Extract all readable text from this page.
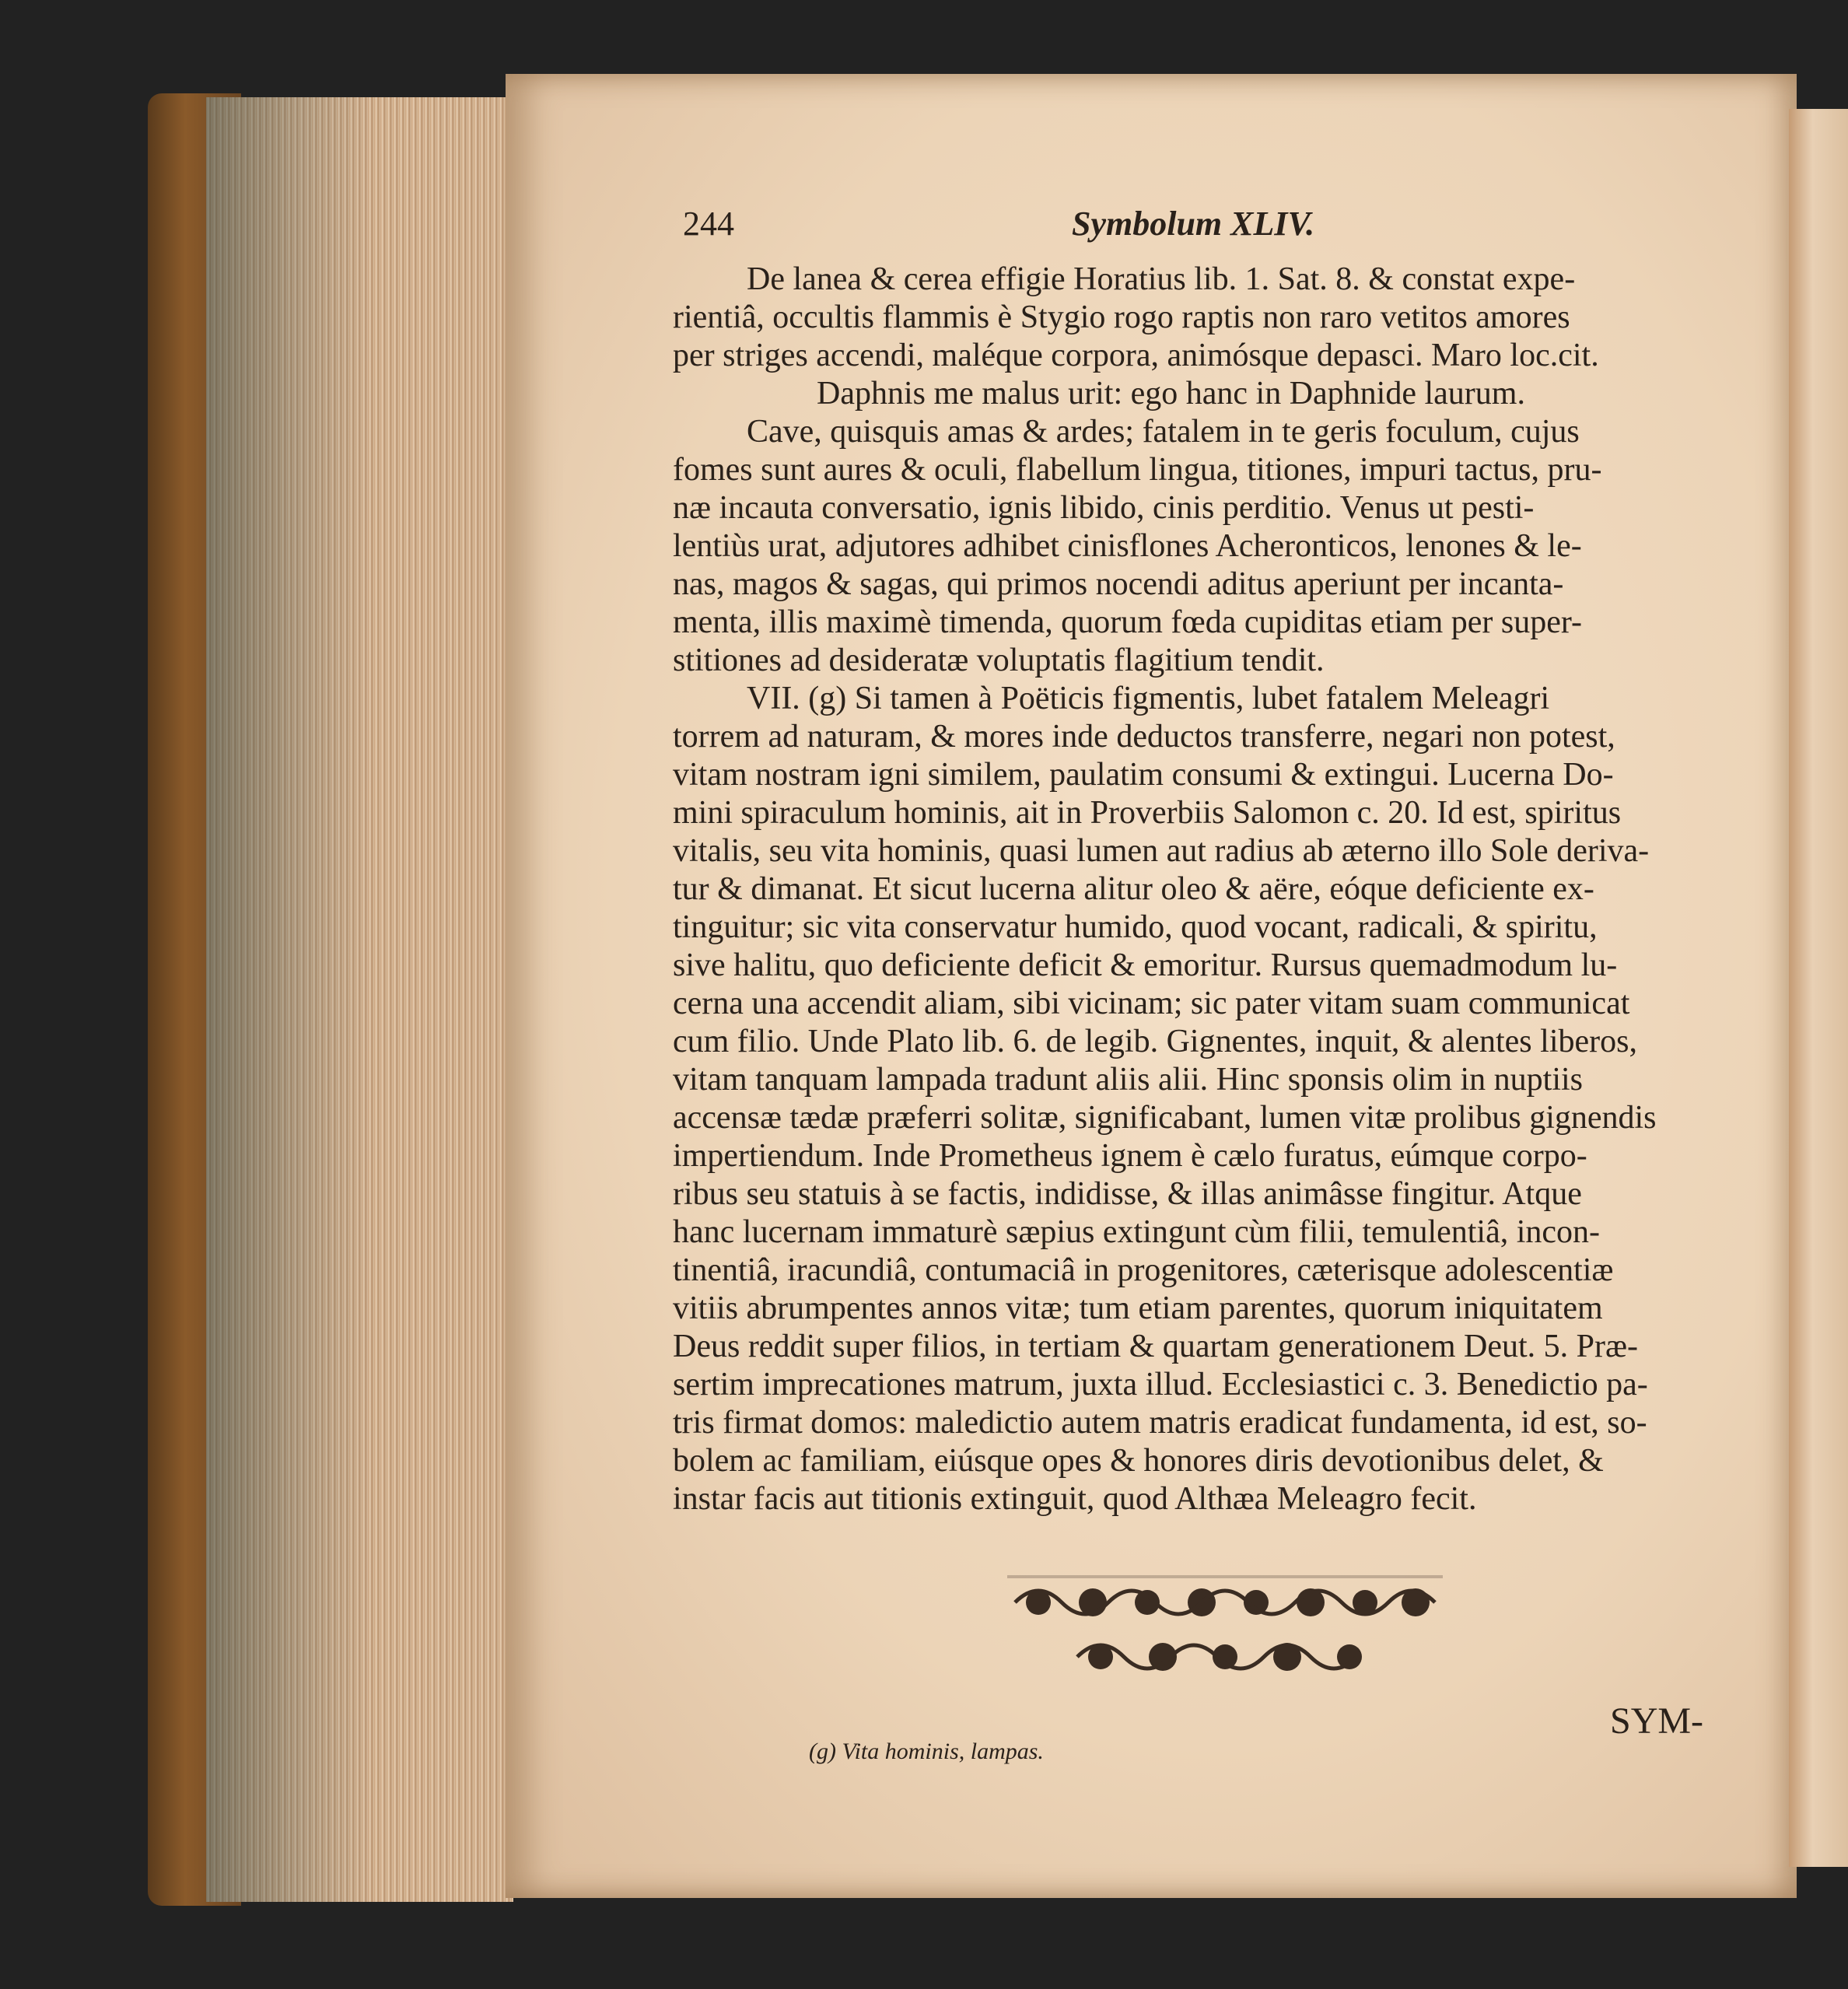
244	Symbolum XLIV.
De lanea & cerea effigie Horatius lib. 1. Sat. 8. & constat expe-
rientiâ, occultis flammis è Stygio rogo raptis non raro vetitos amores
per striges accendi, maléque corpora, animósque depasci. Maro loc.cit.
Daphnis me malus urit: ego hanc in Daphnide laurum.
Cave, quisquis amas & ardes; fatalem in te geris foculum, cujus
fomes sunt aures & oculi, flabellum lingua, titiones, impuri tactus, pru-
næ incauta conversatio, ignis libido, cinis perditio. Venus ut pesti-
lentiùs urat, adjutores adhibet cinisflones Acheronticos, lenones & le-
nas, magos & sagas, qui primos nocendi aditus aperiunt per incanta-
menta, illis maximè timenda, quorum fœda cupiditas etiam per super-
stitiones ad desideratæ voluptatis flagitium tendit.
VII. (g) Si tamen à Poëticis figmentis, lubet fatalem Meleagri
torrem ad naturam, & mores inde deductos transferre, negari non potest,
vitam nostram igni similem, paulatim consumi & extingui. Lucerna Do-
mini spiraculum hominis, ait in Proverbiis Salomon c. 20. Id est, spiritus
vitalis, seu vita hominis, quasi lumen aut radius ab æterno illo Sole deriva-
tur & dimanat. Et sicut lucerna alitur oleo & aëre, eóque deficiente ex-
tinguitur; sic vita conservatur humido, quod vocant, radicali, & spiritu,
sive halitu, quo deficiente deficit & emoritur. Rursus quemadmodum lu-
cerna una accendit aliam, sibi vicinam; sic pater vitam suam communicat
cum filio. Unde Plato lib. 6. de legib. Gignentes, inquit, & alentes liberos,
vitam tanquam lampada tradunt aliis alii. Hinc sponsis olim in nuptiis
accensæ tædæ præferri solitæ, significabant, lumen vitæ prolibus gignendis
impertiendum. Inde Prometheus ignem è cælo furatus, eúmque corpo-
ribus seu statuis à se factis, indidisse, & illas animâsse fingitur. Atque
hanc lucernam immaturè sæpius extingunt cùm filii, temulentiâ, incon-
tinentiâ, iracundiâ, contumaciâ in progenitores, cæterisque adolescentiæ
vitiis abrumpentes annos vitæ; tum etiam parentes, quorum iniquitatem
Deus reddit super filios, in tertiam & quartam generationem Deut. 5. Præ-
sertim imprecationes matrum, juxta illud. Ecclesiastici c. 3. Benedictio pa-
tris firmat domos: maledictio autem matris eradicat fundamenta, id est, so-
bolem ac familiam, eiúsque opes & honores diris devotionibus delet, &
instar facis aut titionis extinguit, quod Althæa Meleagro fecit.
SYM-
(g) Vita hominis, lampas.
